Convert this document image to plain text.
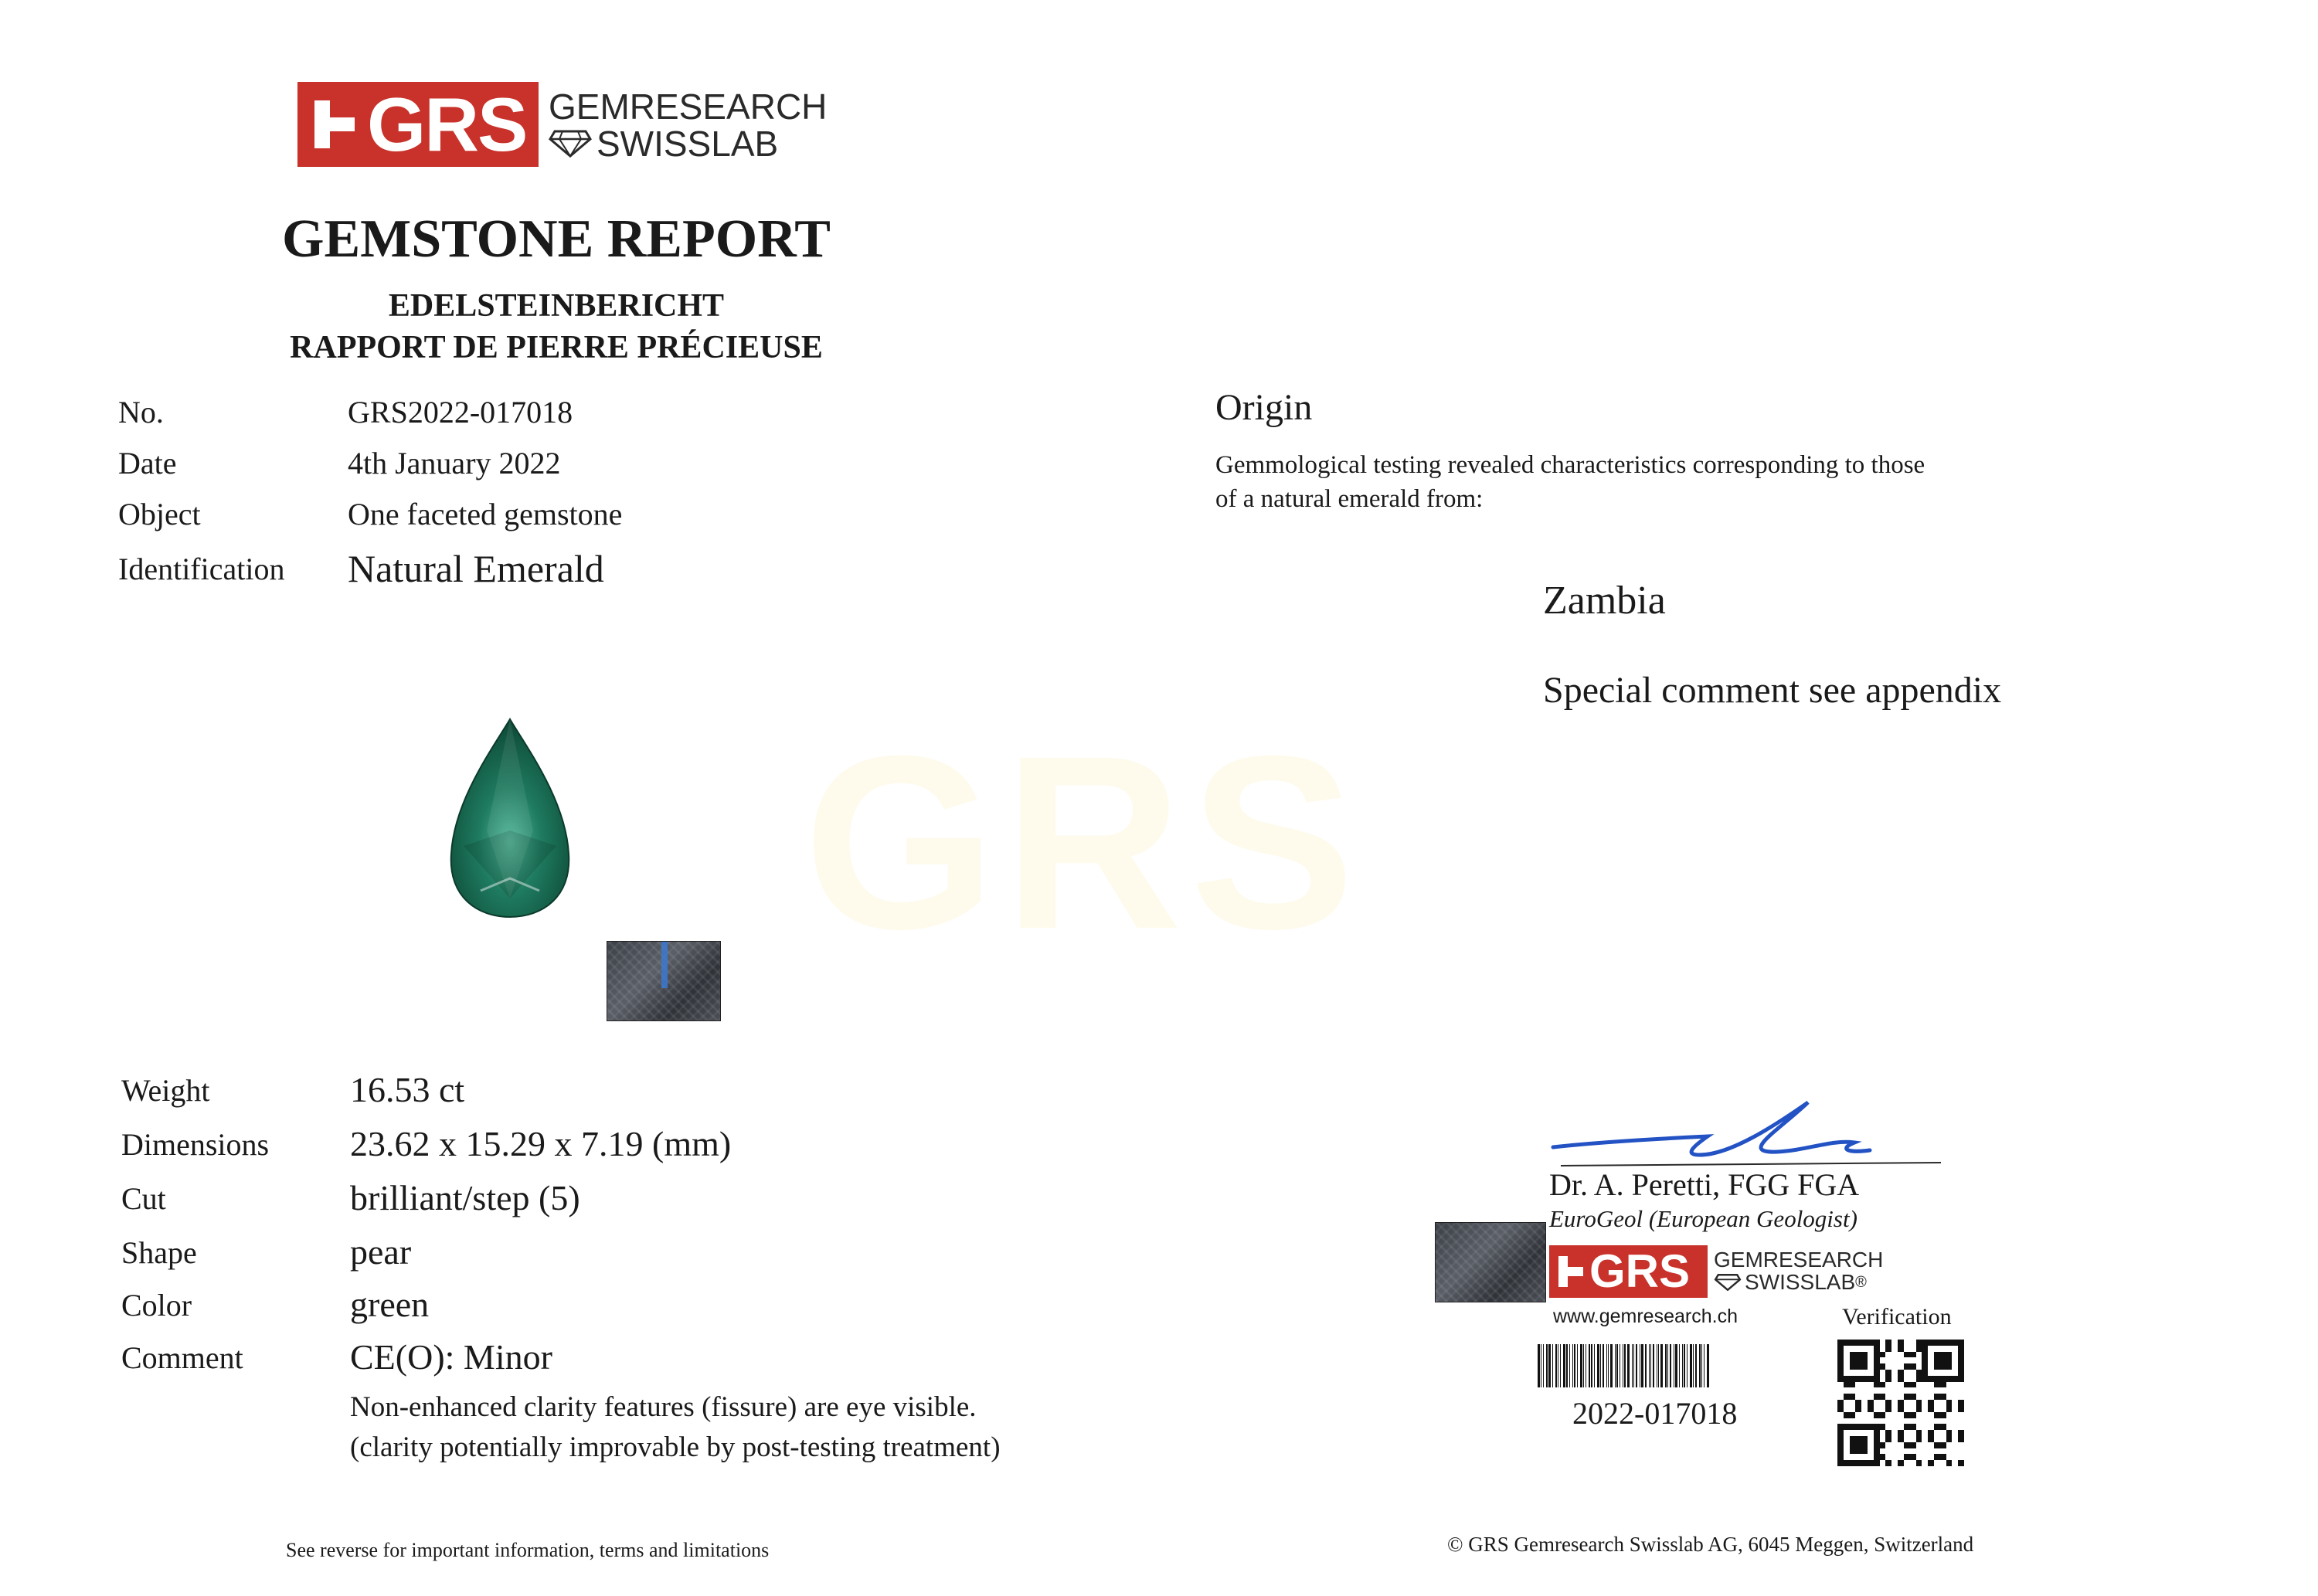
GRS GEMRESEARCH
SWISSLAB
GEMSTONE REPORT
EDELSTEINBERICHT
RAPPORT DE PIERRE PRÉCIEUSE
No.	GRS2022-017018
Date	4th January 2022
Object	One faceted gemstone
Identification Natural Emerald
Origin
Gemmological testing revealed characteristics corresponding to those
of a natural emerald from:
Zambia
Special comment see appendix
GRS
Weight	16.53 ct
Dimensions 23.62 x 15.29 x 7.19 (mm)
Cut	brilliant/step (5)
Shape	pear
Color	green
Comment	CE(O): Minor
Non-enhanced clarity features (fissure) are eye visible.
(clarity potentially improvable by post-testing treatment)
Dr. A. Peretti, FGG FGA
EuroGeol (European Geologist)
GRS GEMRESEARCH
SWISSLAB ®
www.gemresearch.ch	Verification
2022-017018
See reverse for important information, terms and limitations	© GRS Gemresearch Swisslab AG, 6045 Meggen, Switzerland
